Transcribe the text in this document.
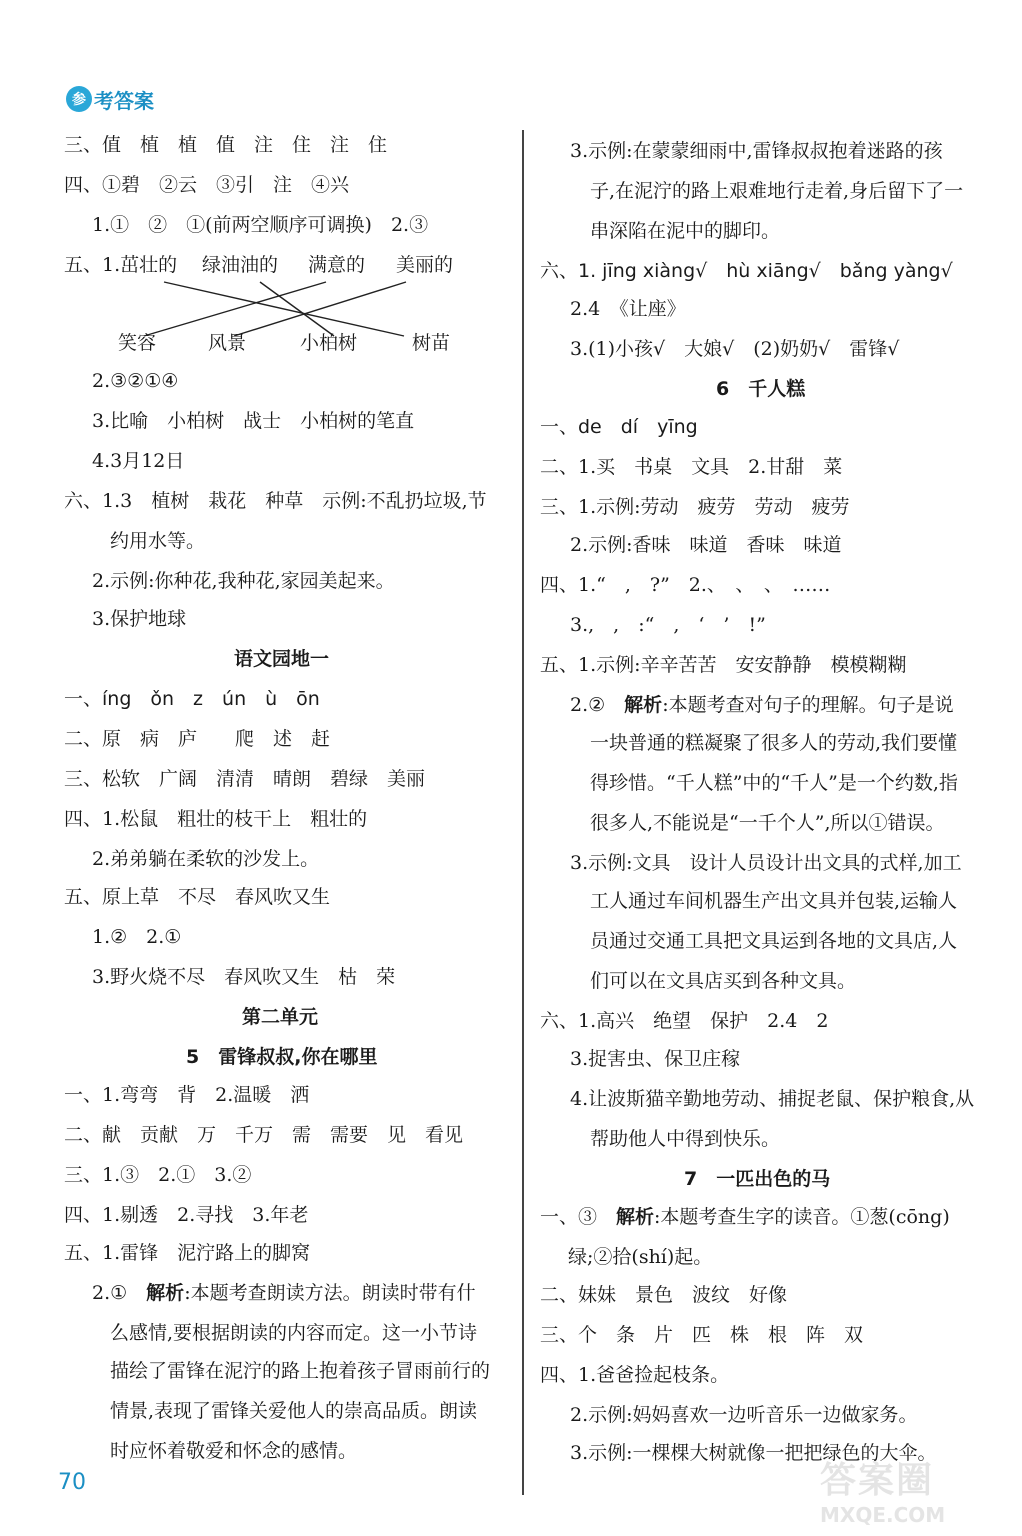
参 考答案
三、值　植　植　值　注　住　注　住
四、①碧　②云　③引　注　④兴
1.①　②　①(前两空顺序可调换)　2.③
五、1.茁壮的 绿油油的 满意的 美丽的
笑容	风景	小柏树	树苗
2.③②①④
3.比喻　小柏树　战士　小柏树的笔直
4.3月12日
六、1.3　植树　栽花　种草　示例:不乱扔垃圾,节
约用水等。
2.示例:你种花,我种花,家园美起来。
3.保护地球
语文园地一
一、íng　ǒn　z　ún　ù　ōn
二、原　病　庐　　爬　述　赶
三、松软　广阔　清清　晴朗　碧绿　美丽
四、1.松鼠　粗壮的枝干上　粗壮的
2.弟弟躺在柔软的沙发上。
五、原上草　不尽　春风吹又生
1.②　2.①
3.野火烧不尽　春风吹又生　枯　荣
第二单元
5　雷锋叔叔,你在哪里
一、1.弯弯　背　2.温暖　洒
二、献　贡献　万　千万　需　需要　见　看见
三、1.③　2.①　3.②
四、1.剔透　2.寻找　3.年老
五、1.雷锋　泥泞路上的脚窝
2.①　解析:本题考查朗读方法。朗读时带有什
么感情,要根据朗读的内容而定。这一小节诗
描绘了雷锋在泥泞的路上抱着孩子冒雨前行的
情景,表现了雷锋关爱他人的崇高品质。朗读
时应怀着敬爱和怀念的感情。
3.示例:在蒙蒙细雨中,雷锋叔叔抱着迷路的孩
子,在泥泞的路上艰难地行走着,身后留下了一
串深陷在泥中的脚印。
六、1. jīng xiàng√　hù xiāng√　bǎng yàng√
2.4　《让座》
3.(1)小孩√　大娘√　(2)奶奶√　雷锋√
6　千人糕
一、de　dí　yīng
二、1.买　书桌　文具　2.甘甜　菜
三、1.示例:劳动　疲劳　劳动　疲劳
2.示例:香味　味道　香味　味道
四、1.“　,　?”　2.、　、　、　……
3.,　,　:“　,　‘　’　!”
五、1.示例:辛辛苦苦　安安静静　模模糊糊
2.②　解析:本题考查对句子的理解。句子是说
一块普通的糕凝聚了很多人的劳动,我们要懂
得珍惜。“千人糕”中的“千人”是一个约数,指
很多人,不能说是“一千个人”,所以①错误。
3.示例:文具　设计人员设计出文具的式样,加工
工人通过车间机器生产出文具并包装,运输人
员通过交通工具把文具运到各地的文具店,人
们可以在文具店买到各种文具。
六、1.高兴　绝望　保护　2.4　2
3.捉害虫、保卫庄稼
4.让波斯猫辛勤地劳动、捕捉老鼠、保护粮食,从
帮助他人中得到快乐。
7　一匹出色的马
一、③　解析:本题考查生字的读音。①葱(cōng)
绿;②拾(shí)起。
二、妹妹　景色　波纹　好像
三、个　条　片　匹　株　根　阵　双
四、1.爸爸捡起枝条。
2.示例:妈妈喜欢一边听音乐一边做家务。
3.示例:一棵棵大树就像一把把绿色的大伞。
70	答案圈
MXQE.COM
